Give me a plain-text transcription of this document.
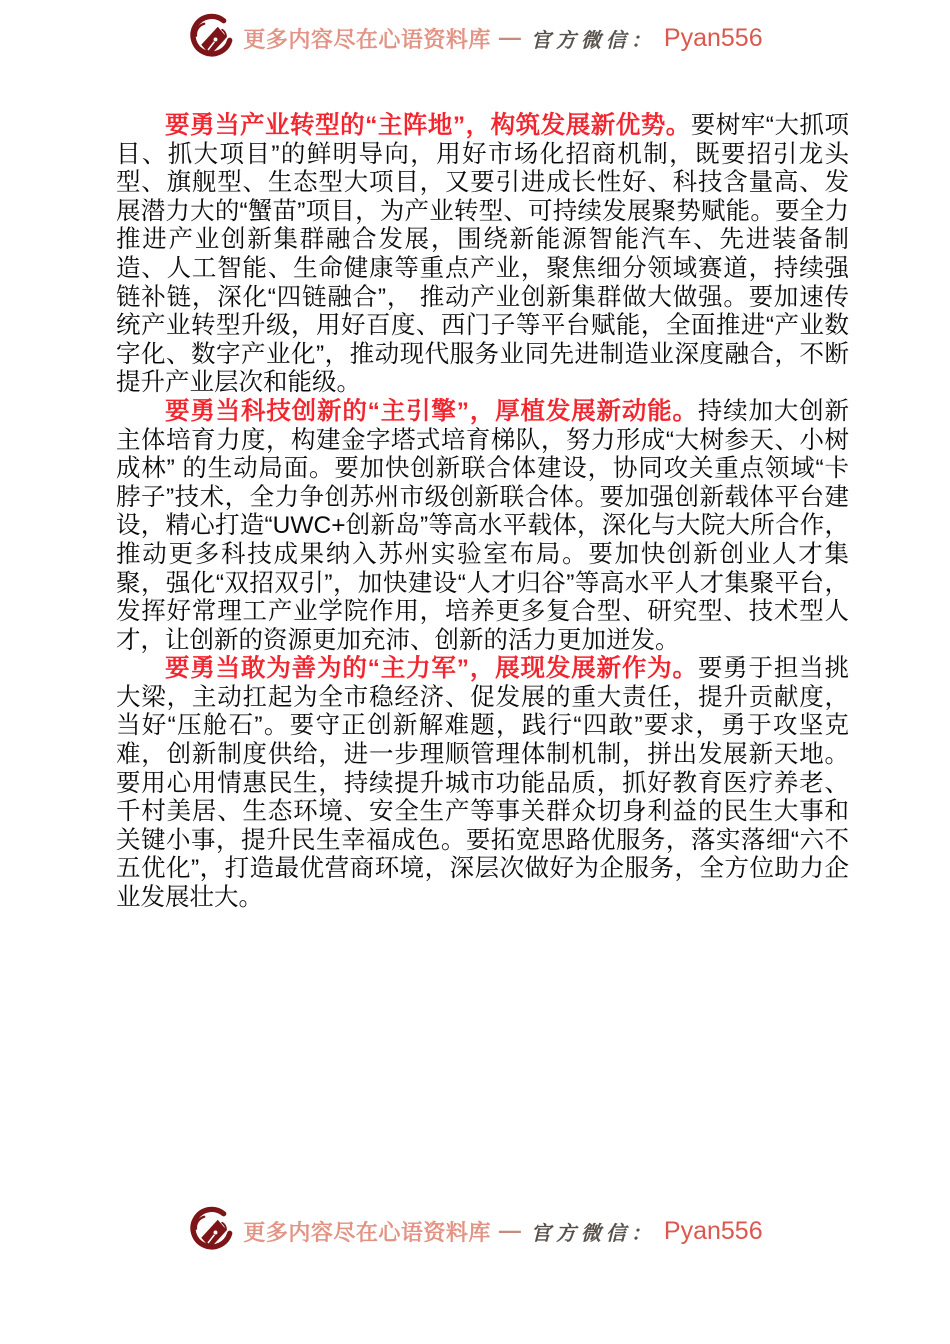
更多内容尽在心语资料库 — 官方微信： Pyan556

要勇当产业转型的“主阵地”，构筑发展新优势。要树牢“大抓项目、抓大项目”的鲜明导向，用好市场化招商机制，既要招引龙头型、旗舰型、生态型大项目，又要引进成长性好、科技含量高、发展潜力大的“蟹苗”项目，为产业转型、可持续发展聚势赋能。要全力推进产业创新集群融合发展，围绕新能源智能汽车、先进装备制造、人工智能、生命健康等重点产业，聚焦细分领域赛道，持续强链补链，深化“四链融合”， 推动产业创新集群做大做强。要加速传统产业转型升级，用好百度、西门子等平台赋能，全面推进“产业数字化、数字产业化”，推动现代服务业同先进制造业深度融合，不断提升产业层次和能级。

要勇当科技创新的“主引擎”，厚植发展新动能。持续加大创新主体培育力度，构建金字塔式培育梯队，努力形成“大树参天、小树成林” 的生动局面。要加快创新联合体建设，协同攻关重点领域“卡脖子”技术，全力争创苏州市级创新联合体。要加强创新载体平台建设，精心打造“UWC+创新岛”等高水平载体，深化与大院大所合作，推动更多科技成果纳入苏州实验室布局。要加快创新创业人才集聚，强化“双招双引”，加快建设“人才归谷”等高水平人才集聚平台，发挥好常理工产业学院作用，培养更多复合型、研究型、技术型人才，让创新的资源更加充沛、创新的活力更加迸发。

要勇当敢为善为的“主力军”，展现发展新作为。要勇于担当挑大梁，主动扛起为全市稳经济、促发展的重大责任，提升贡献度，当好“压舱石”。要守正创新解难题，践行“四敢”要求，勇于攻坚克难，创新制度供给，进一步理顺管理体制机制，拼出发展新天地。要用心用情惠民生，持续提升城市功能品质，抓好教育医疗养老、千村美居、生态环境、安全生产等事关群众切身利益的民生大事和关键小事，提升民生幸福成色。要拓宽思路优服务，落实落细“六不五优化”，打造最优营商环境，深层次做好为企服务，全方位助力企业发展壮大。

更多内容尽在心语资料库 — 官方微信： Pyan556
